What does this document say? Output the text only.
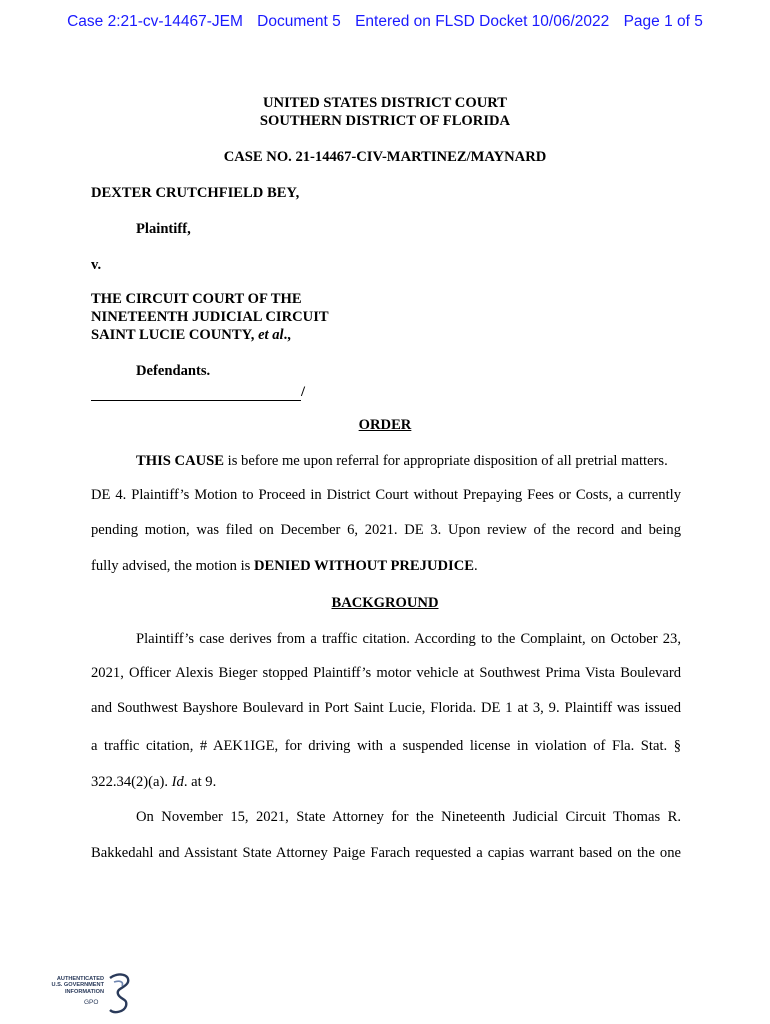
Case 2:21-cv-14467-JEM Document 5 Entered on FLSD Docket 10/06/2022 Page 1 of 5
UNITED STATES DISTRICT COURT
SOUTHERN DISTRICT OF FLORIDA
CASE NO. 21-14467-CIV-MARTINEZ/MAYNARD
DEXTER CRUTCHFIELD BEY,
Plaintiff,
v.
THE CIRCUIT COURT OF THE
NINETEENTH JUDICIAL CIRCUIT
SAINT LUCIE COUNTY, et al.,
Defendants.
/
ORDER
THIS CAUSE is before me upon referral for appropriate disposition of all pretrial matters.
DE 4. Plaintiff’s Motion to Proceed in District Court without Prepaying Fees or Costs, a currently
pending motion, was filed on December 6, 2021. DE 3. Upon review of the record and being
fully advised, the motion is DENIED WITHOUT PREJUDICE.
BACKGROUND
Plaintiff’s case derives from a traffic citation. According to the Complaint, on October 23,
2021, Officer Alexis Bieger stopped Plaintiff’s motor vehicle at Southwest Prima Vista Boulevard
and Southwest Bayshore Boulevard in Port Saint Lucie, Florida. DE 1 at 3, 9. Plaintiff was issued
a traffic citation, # AEK1IGE, for driving with a suspended license in violation of Fla. Stat. §
322.34(2)(a). Id. at 9.
On November 15, 2021, State Attorney for the Nineteenth Judicial Circuit Thomas R.
Bakkedahl and Assistant State Attorney Paige Farach requested a capias warrant based on the one
AUTHENTICATED
U.S. GOVERNMENT
INFORMATION
GPO
